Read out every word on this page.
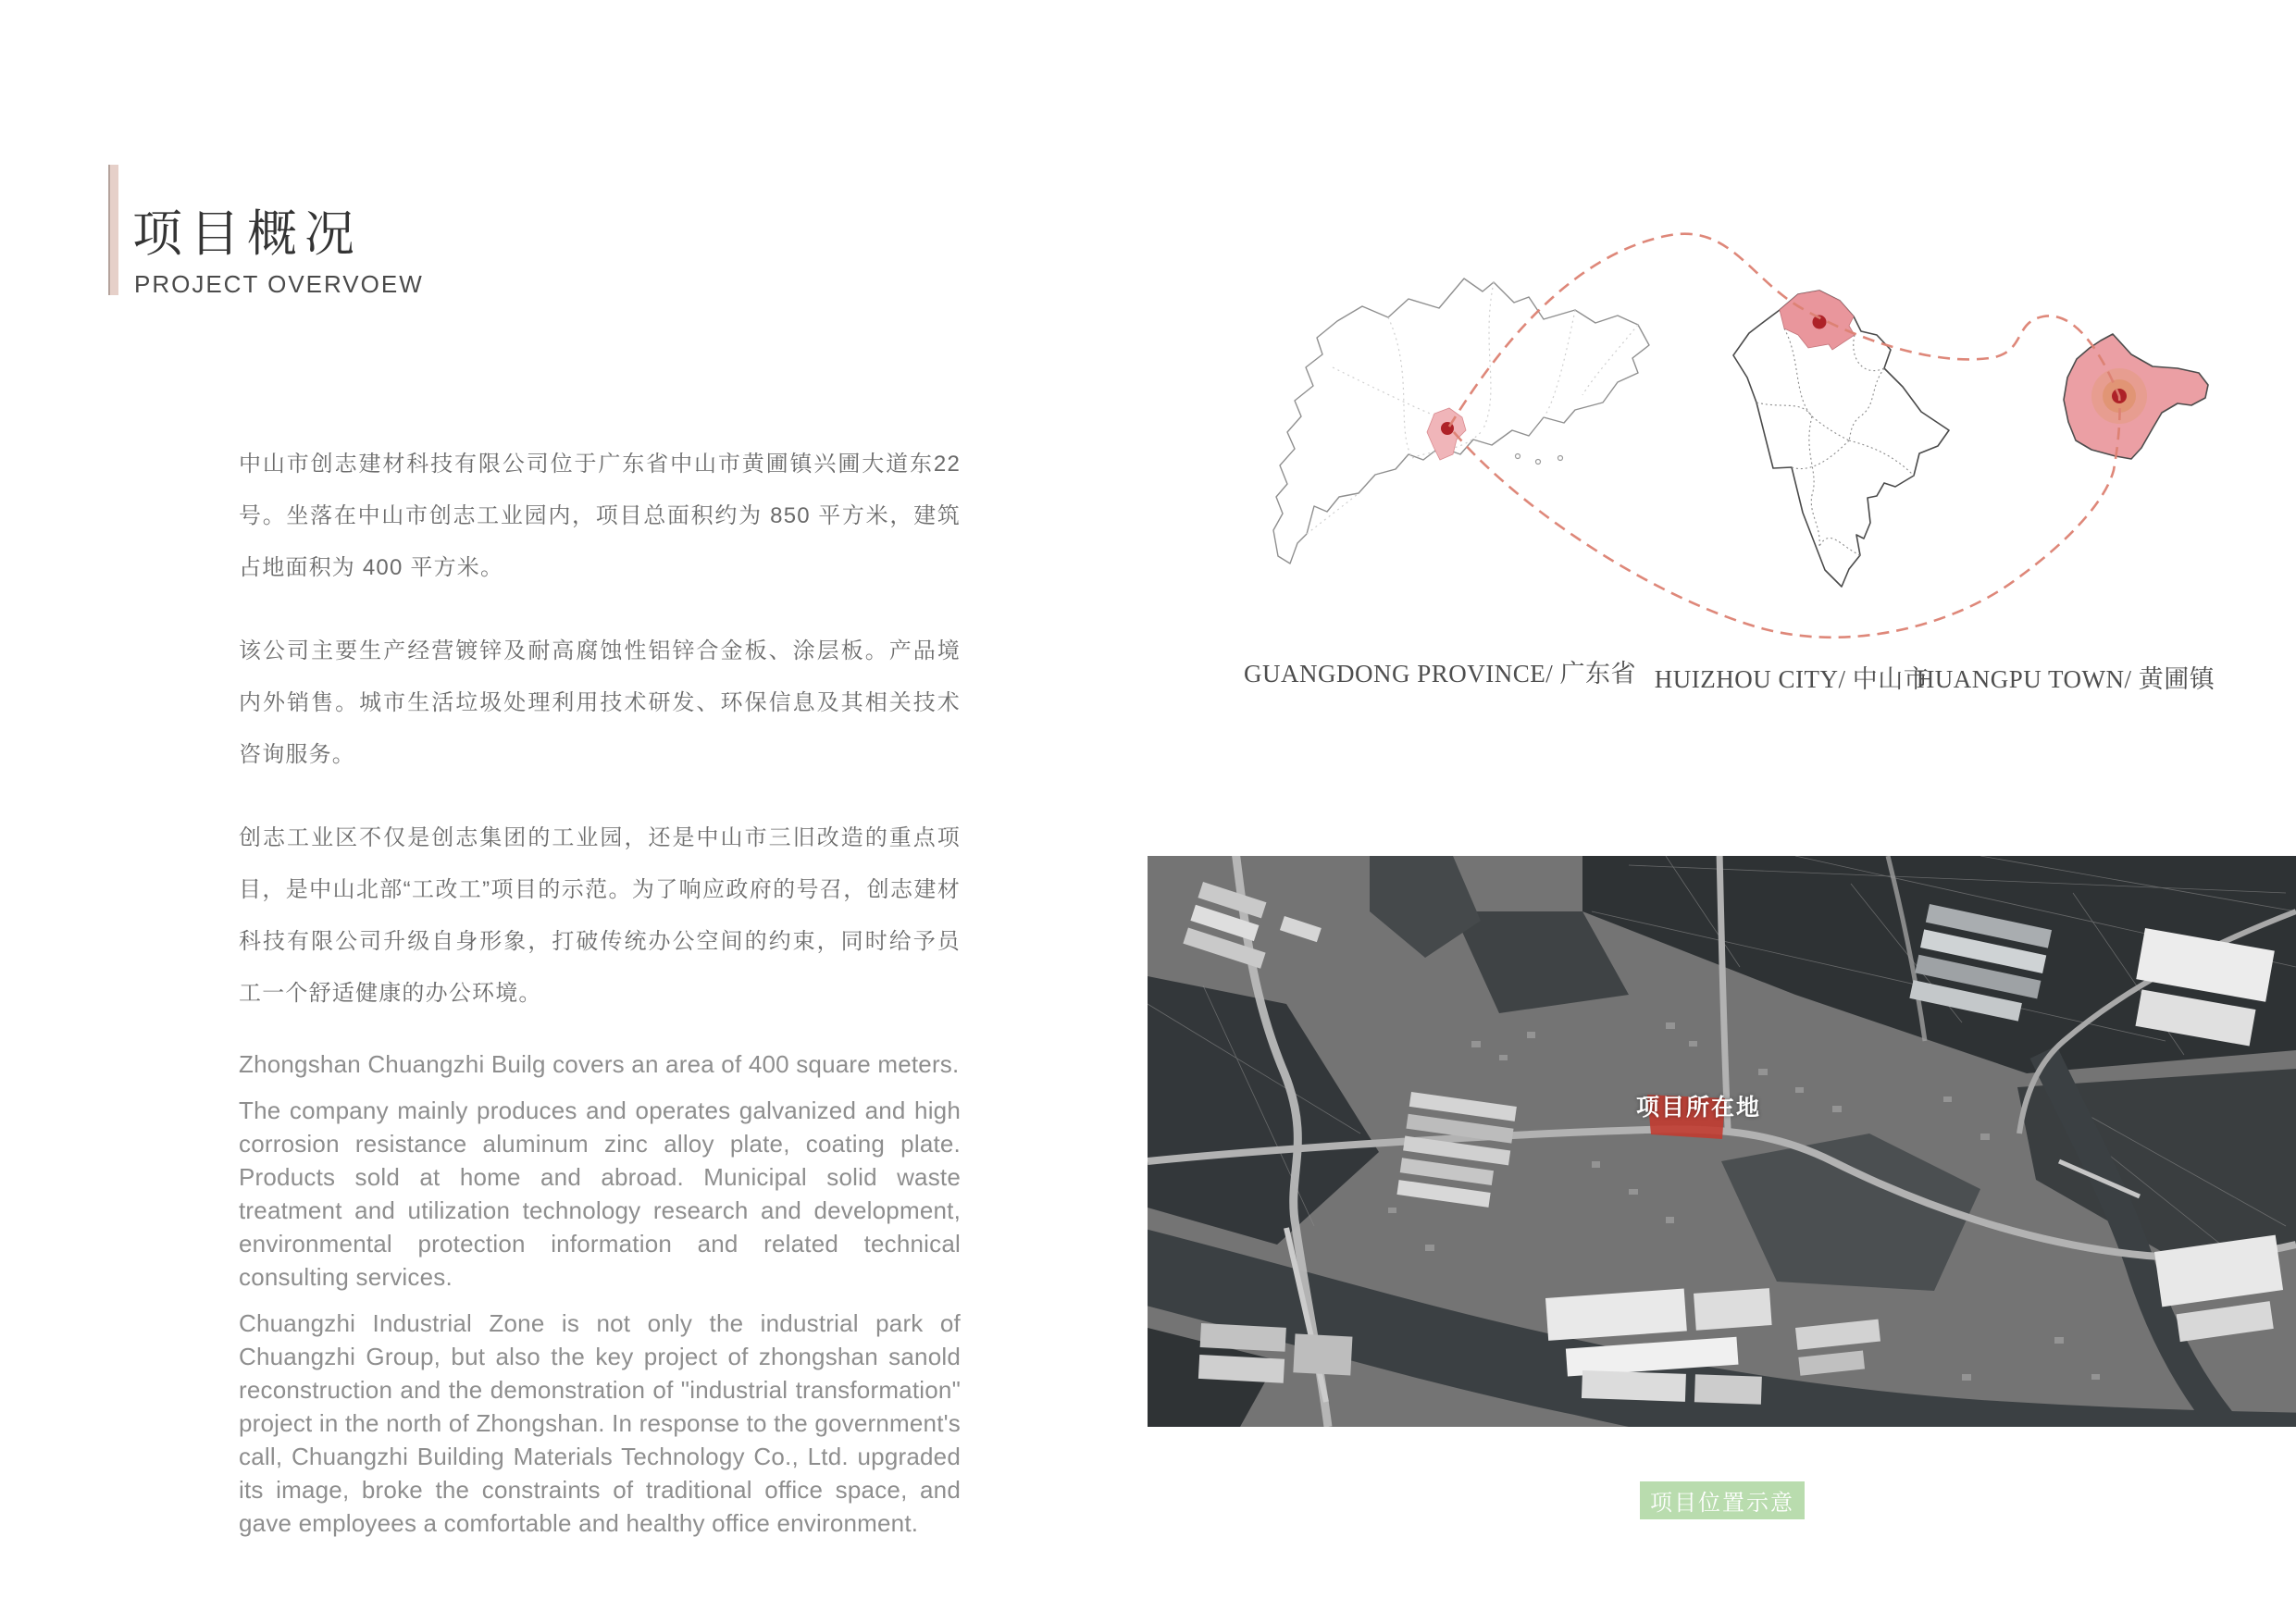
项目概况
PROJECT OVERVOEW

中山市创志建材科技有限公司位于广东省中山市黄圃镇兴圃大道东22号。坐落在中山市创志工业园内，项目总面积约为 850 平方米，建筑占地面积为 400 平方米。

该公司主要生产经营镀锌及耐高腐蚀性铝锌合金板、涂层板。产品境内外销售。城市生活垃圾处理利用技术研发、环保信息及其相关技术咨询服务。

创志工业区不仅是创志集团的工业园，还是中山市三旧改造的重点项目，是中山北部“工改工”项目的示范。为了响应政府的号召，创志建材科技有限公司升级自身形象，打破传统办公空间的约束，同时给予员工一个舒适健康的办公环境。

Zhongshan Chuangzhi Builg covers an area of 400 square meters.

The company mainly produces and operates galvanized and high corrosion resistance aluminum zinc alloy plate, coating plate. Products sold at home and abroad. Municipal solid waste treatment and utilization technology research and development, environmental protection information and related technical consulting services.

Chuangzhi Industrial Zone is not only the industrial park of Chuangzhi Group, but also the key project of zhongshan sanold reconstruction and the demonstration of "industrial transformation" project in the north of Zhongshan. In response to the government's call, Chuangzhi Building Materials Technology Co., Ltd. upgraded its image, broke the constraints of traditional office space, and gave employees a comfortable and healthy office environment.

GUANGDONG PROVINCE/ 广东省 HUIZHOU CITY/ 中山市
HUANGPU TOWN/ 黄圃镇
项目所在地
项目位置示意
